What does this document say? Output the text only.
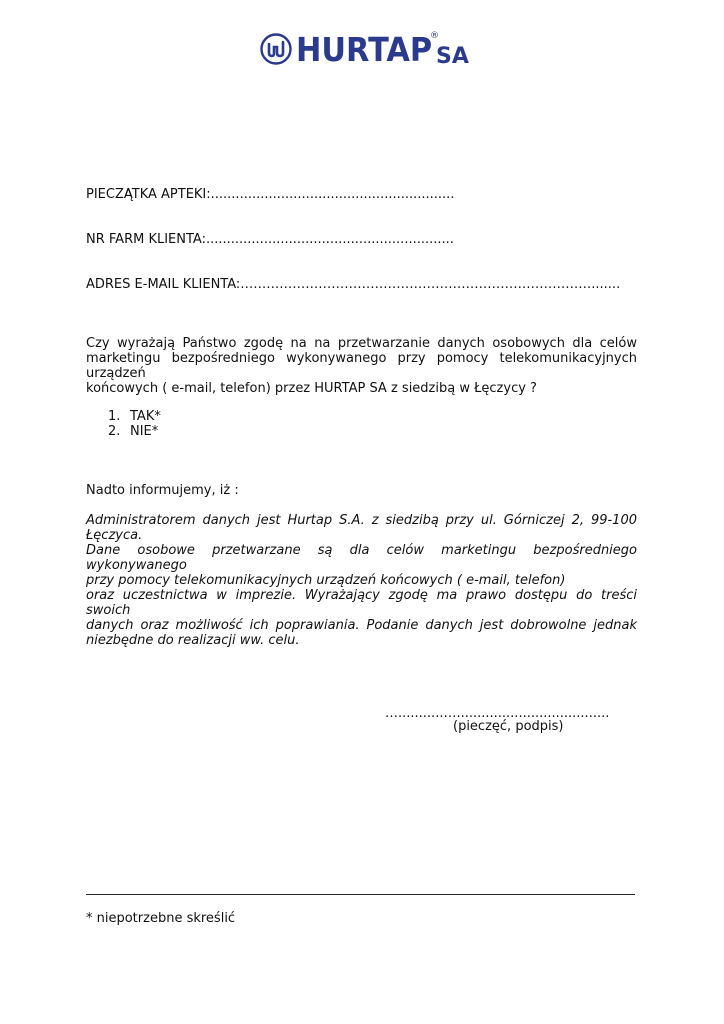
HURTAP
®
SA
PIECZĄTKA APTEKI:...........................................................
NR FARM KLIENTA:............................................................
ADRES E-MAIL KLIENTA:……………………………………………………………………….......
Czy wyrażają Państwo zgodę na na przetwarzanie danych osobowych dla celów
marketingu bezpośredniego wykonywanego przy pomocy telekomunikacyjnych urządzeń
końcowych ( e-mail, telefon) przez HURTAP SA z siedzibą w Łęczycy ?
1. TAK*
2. NIE*
Nadto informujemy, iż :
Administratorem danych jest Hurtap S.A. z siedzibą przy ul. Górniczej 2, 99-100 Łęczyca.
Dane osobowe przetwarzane są dla celów marketingu bezpośredniego wykonywanego
przy pomocy telekomunikacyjnych urządzeń końcowych ( e-mail, telefon)
oraz uczestnictwa w imprezie. Wyrażający zgodę ma prawo dostępu do treści swoich
danych oraz możliwość ich poprawiania. Podanie danych jest dobrowolne jednak
niezbędne do realizacji ww. celu.
…...........….....................................
(pieczęć, podpis)
* niepotrzebne skreślić
